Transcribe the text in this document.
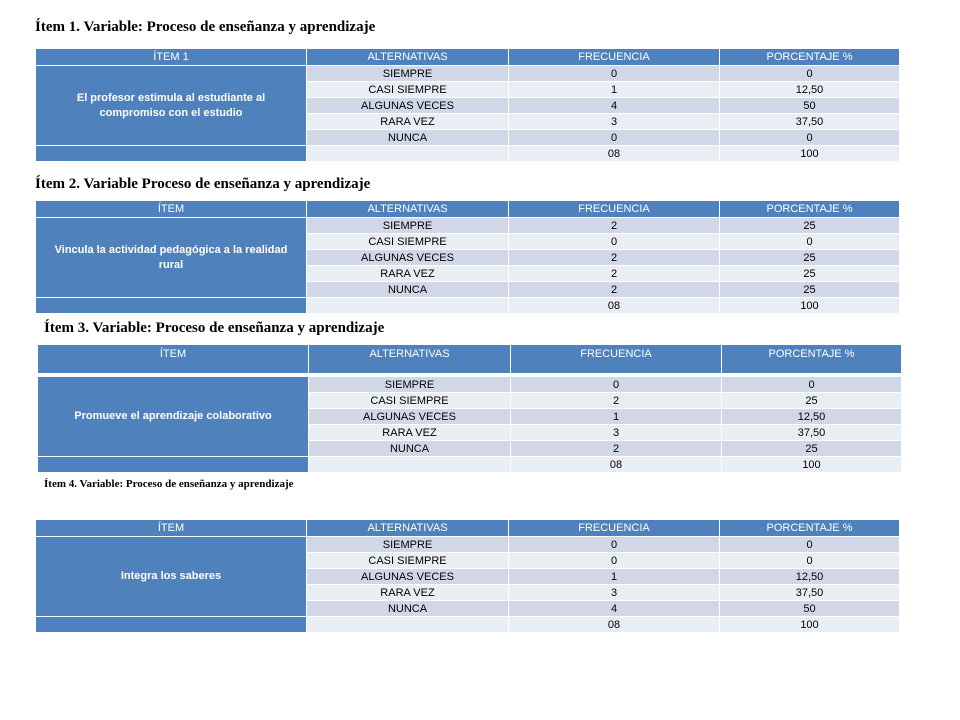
Ítem 1. Variable: Proceso de enseñanza y aprendizaje

ÍTEM 1	ALTERNATIVAS	FRECUENCIA	PORCENTAJE %
El profesor estimula al estudiante al compromiso con el estudio	SIEMPRE	0	0
	CASI SIEMPRE	1	12,50
	ALGUNAS VECES	4	50
	RARA VEZ	3	37,50
	NUNCA	0	0
		08	100

Ítem 2. Variable Proceso de enseñanza y aprendizaje

ÍTEM	ALTERNATIVAS	FRECUENCIA	PORCENTAJE %
Vincula la actividad pedagógica a la realidad rural	SIEMPRE	2	25
	CASI SIEMPRE	0	0
	ALGUNAS VECES	2	25
	RARA VEZ	2	25
	NUNCA	2	25
		08	100

Ítem 3. Variable: Proceso de enseñanza y aprendizaje

ÍTEM	ALTERNATIVAS	FRECUENCIA	PORCENTAJE %

Promueve el aprendizaje colaborativo	SIEMPRE	0	0
	CASI SIEMPRE	2	25
	ALGUNAS VECES	1	12,50
	RARA VEZ	3	37,50
	NUNCA	2	25
		08	100

Ítem 4. Variable: Proceso de enseñanza y aprendizaje

ÍTEM	ALTERNATIVAS	FRECUENCIA	PORCENTAJE %
Integra los saberes	SIEMPRE	0	0
	CASI SIEMPRE	0	0
	ALGUNAS VECES	1	12,50
	RARA VEZ	3	37,50
	NUNCA	4	50
		08	100
